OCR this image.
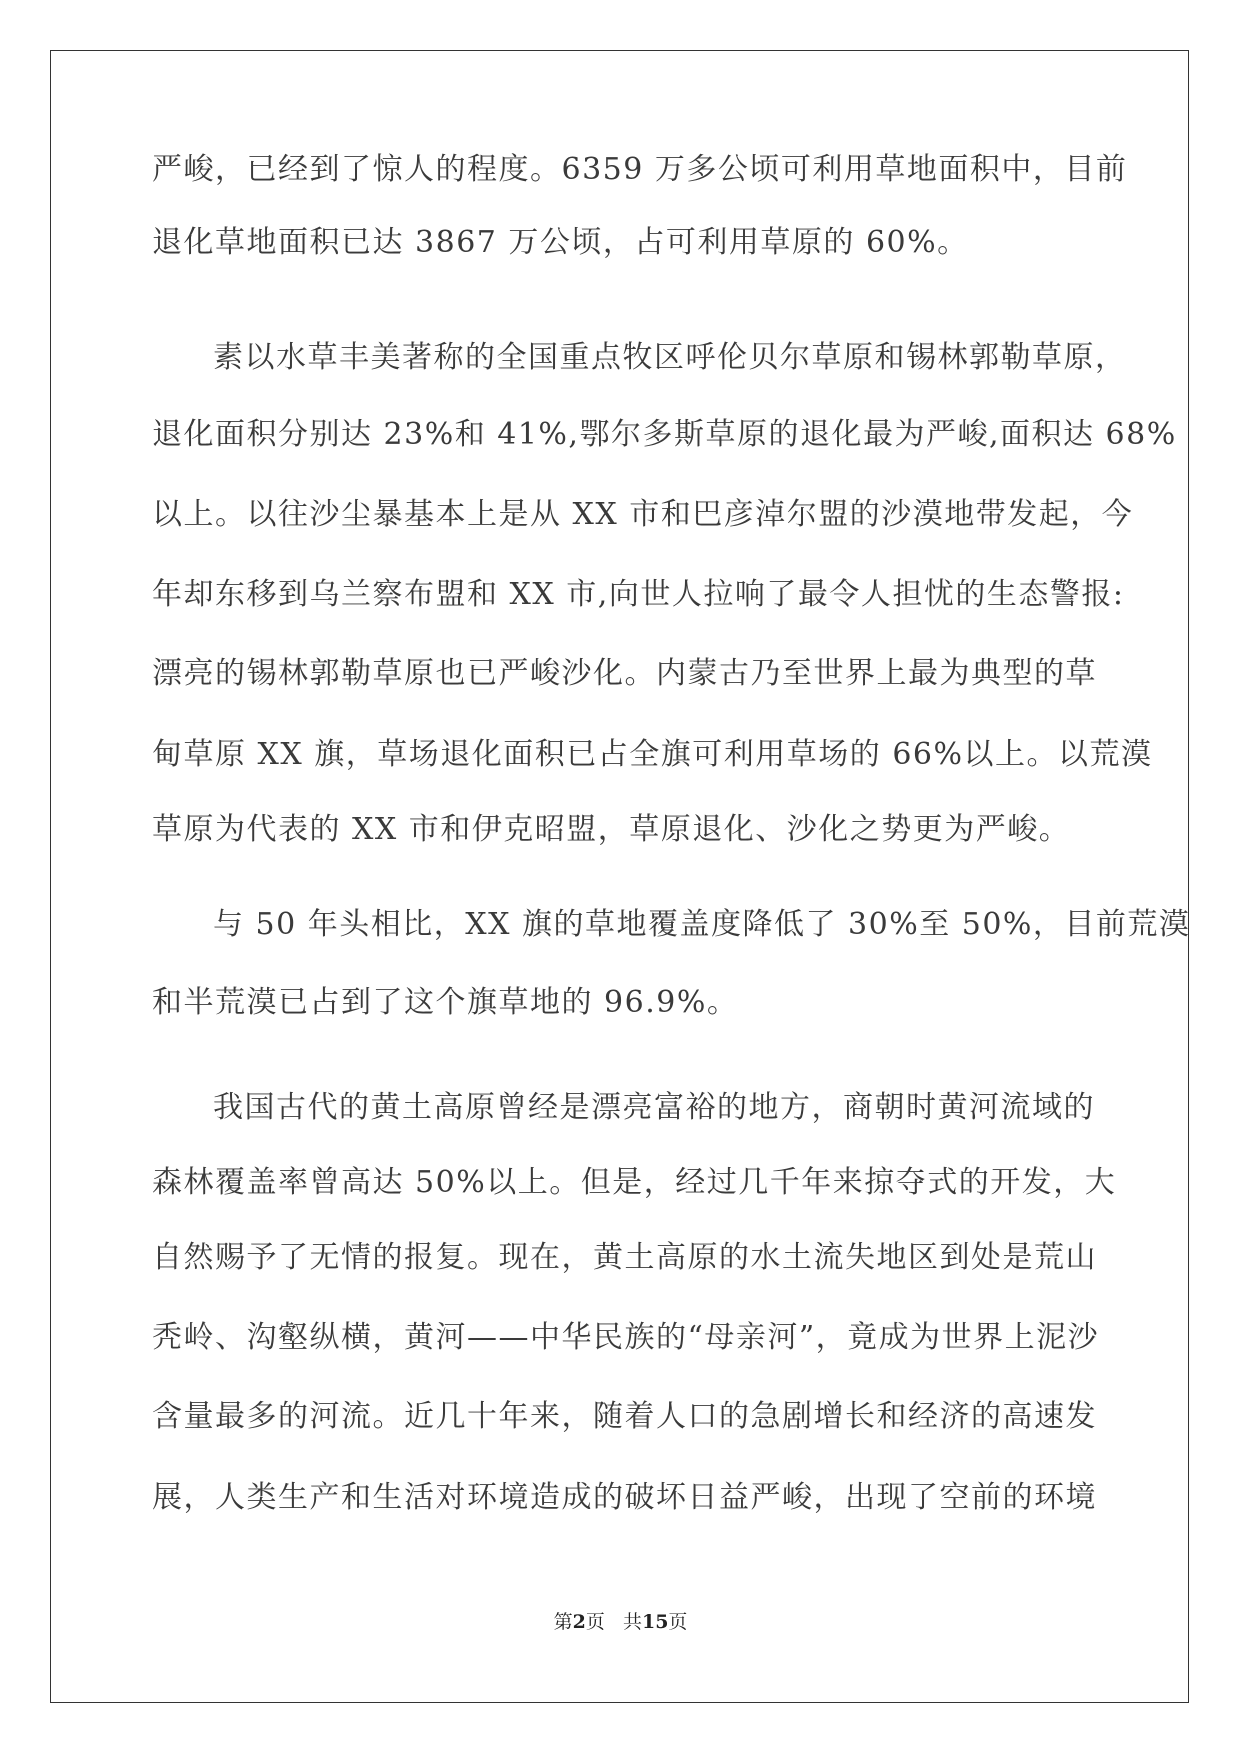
严峻，已经到了惊人的程度。6359 万多公顷可利用草地面积中，目前
退化草地面积已达 3867 万公顷，占可利用草原的 60%。
素以水草丰美著称的全国重点牧区呼伦贝尔草原和锡林郭勒草原，
退化面积分别达 23%和 41%,鄂尔多斯草原的退化最为严峻,面积达 68%
以上。以往沙尘暴基本上是从 XX 市和巴彦淖尔盟的沙漠地带发起，今
年却东移到乌兰察布盟和 XX 市,向世人拉响了最令人担忧的生态警报:
漂亮的锡林郭勒草原也已严峻沙化。内蒙古乃至世界上最为典型的草
甸草原 XX 旗，草场退化面积已占全旗可利用草场的 66%以上。以荒漠
草原为代表的 XX 市和伊克昭盟，草原退化、沙化之势更为严峻。
与 50 年头相比，XX 旗的草地覆盖度降低了 30%至 50%，目前荒漠
和半荒漠已占到了这个旗草地的 96.9%。
我国古代的黄土高原曾经是漂亮富裕的地方，商朝时黄河流域的
森林覆盖率曾高达 50%以上。但是，经过几千年来掠夺式的开发，大
自然赐予了无情的报复。现在，黄土高原的水土流失地区到处是荒山
秃岭、沟壑纵横，黄河——中华民族的“母亲河”，竟成为世界上泥沙
含量最多的河流。近几十年来，随着人口的急剧增长和经济的高速发
展，人类生产和生活对环境造成的破坏日益严峻，出现了空前的环境
第2页 共15页
